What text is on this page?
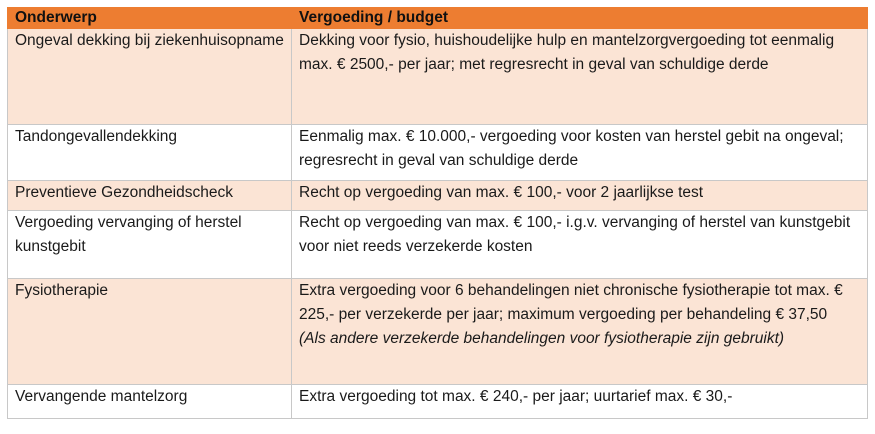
Onderwerp	Vergoeding / budget
Ongeval dekking bij ziekenhuisopname	Dekking voor fysio, huishoudelijke hulp en mantelzorgvergoeding tot eenmalig max. € 2500,- per jaar; met regresrecht in geval van schuldige derde
Tandongevallendekking	Eenmalig max. € 10.000,- vergoeding voor kosten van herstel gebit na ongeval; regresrecht in geval van schuldige derde
Preventieve Gezondheidscheck	Recht op vergoeding van max. € 100,- voor 2 jaarlijkse test
Vergoeding vervanging of herstel kunstgebit	Recht op vergoeding van max. € 100,- i.g.v. vervanging of herstel van kunstgebit voor niet reeds verzekerde kosten
Fysiotherapie	Extra vergoeding voor 6 behandelingen niet chronische fysiotherapie tot max. € 225,- per verzekerde per jaar; maximum vergoeding per behandeling € 37,50
(Als andere verzekerde behandelingen voor fysiotherapie zijn gebruikt)

Vervangende mantelzorg	Extra vergoeding tot max. € 240,- per jaar; uurtarief max. € 30,-
